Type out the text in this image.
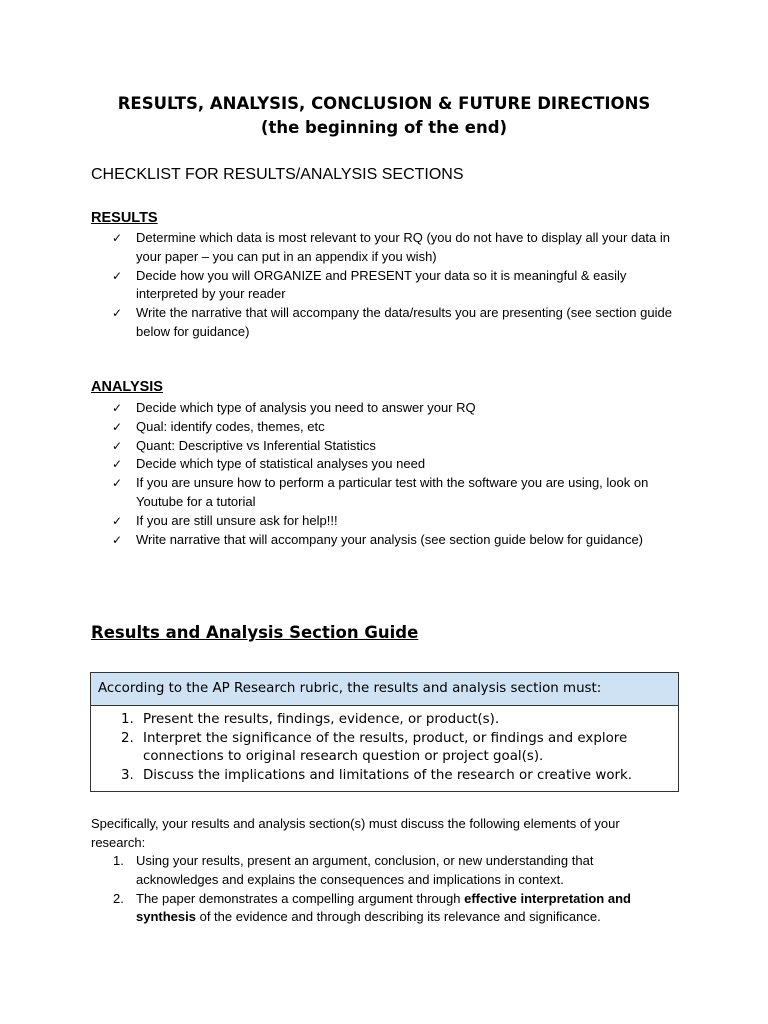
RESULTS, ANALYSIS, CONCLUSION & FUTURE DIRECTIONS
(the beginning of the end)
CHECKLIST FOR RESULTS/ANALYSIS SECTIONS
RESULTS
✓	Determine which data is most relevant to your RQ (you do not have to display all your data in your paper – you can put in an appendix if you wish)
✓	Decide how you will ORGANIZE and PRESENT your data so it is meaningful & easily interpreted by your reader
✓	Write the narrative that will accompany the data/results you are presenting (see section guide below for guidance)
ANALYSIS
✓	Decide which type of analysis you need to answer your RQ
✓	Qual: identify codes, themes, etc
✓	Quant: Descriptive vs Inferential Statistics
✓	Decide which type of statistical analyses you need
✓	If you are unsure how to perform a particular test with the software you are using, look on Youtube for a tutorial
✓	If you are still unsure ask for help!!!
✓	Write narrative that will accompany your analysis (see section guide below for guidance)
Results and Analysis Section Guide
According to the AP Research rubric, the results and analysis section must:
1. Present the results, findings, evidence, or product(s).
2. Interpret the significance of the results, product, or findings and explore connections to original research question or project goal(s).
3. Discuss the implications and limitations of the research or creative work.
Specifically, your results and analysis section(s) must discuss the following elements of your research:
1. Using your results, present an argument, conclusion, or new understanding that acknowledges and explains the consequences and implications in context.
2. The paper demonstrates a compelling argument through effective interpretation and synthesis of the evidence and through describing its relevance and significance.
